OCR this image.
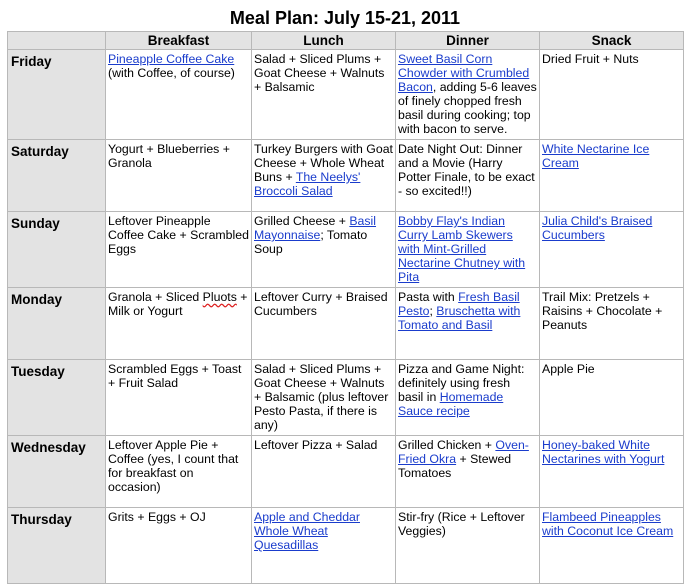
Meal Plan: July 15-21, 2011
	Breakfast	Lunch	Dinner	Snack
Friday	Pineapple Coffee Cake (with Coffee, of course)	Salad + Sliced Plums + Goat Cheese + Walnuts + Balsamic	Sweet Basil Corn Chowder with Crumbled Bacon, adding 5-6 leaves of finely chopped fresh basil during cooking; top with bacon to serve.	Dried Fruit + Nuts

Saturday	Yogurt + Blueberries + Granola	Turkey Burgers with Goat Cheese + Whole Wheat Buns + The Neelys' Broccoli Salad	Date Night Out: Dinner and a Movie (Harry Potter Finale, to be exact - so excited!!)	White Nectarine Ice Cream

Sunday	Leftover Pineapple Coffee Cake + Scrambled Eggs	Grilled Cheese + Basil Mayonnaise; Tomato Soup	Bobby Flay's Indian Curry Lamb Skewers with Mint-Grilled Nectarine Chutney with Pita	Julia Child's Braised Cucumbers

Monday	Granola + Sliced Pluots + Milk or Yogurt	Leftover Curry + Braised Cucumbers	Pasta with Fresh Basil Pesto; Bruschetta with Tomato and Basil	Trail Mix: Pretzels + Raisins + Chocolate + Peanuts

Tuesday	Scrambled Eggs + Toast + Fruit Salad	Salad + Sliced Plums + Goat Cheese + Walnuts + Balsamic (plus leftover Pesto Pasta, if there is any)	Pizza and Game Night: definitely using fresh basil in Homemade Sauce recipe	Apple Pie

Wednesday	Leftover Apple Pie + Coffee (yes, I count that for breakfast on occasion)	Leftover Pizza + Salad	Grilled Chicken + Oven-Fried Okra + Stewed Tomatoes	Honey-baked White Nectarines with Yogurt

Thursday	Grits + Eggs + OJ	Apple and Cheddar Whole Wheat Quesadillas	Stir-fry (Rice + Leftover Veggies)	Flambeed Pineapples with Coconut Ice Cream
